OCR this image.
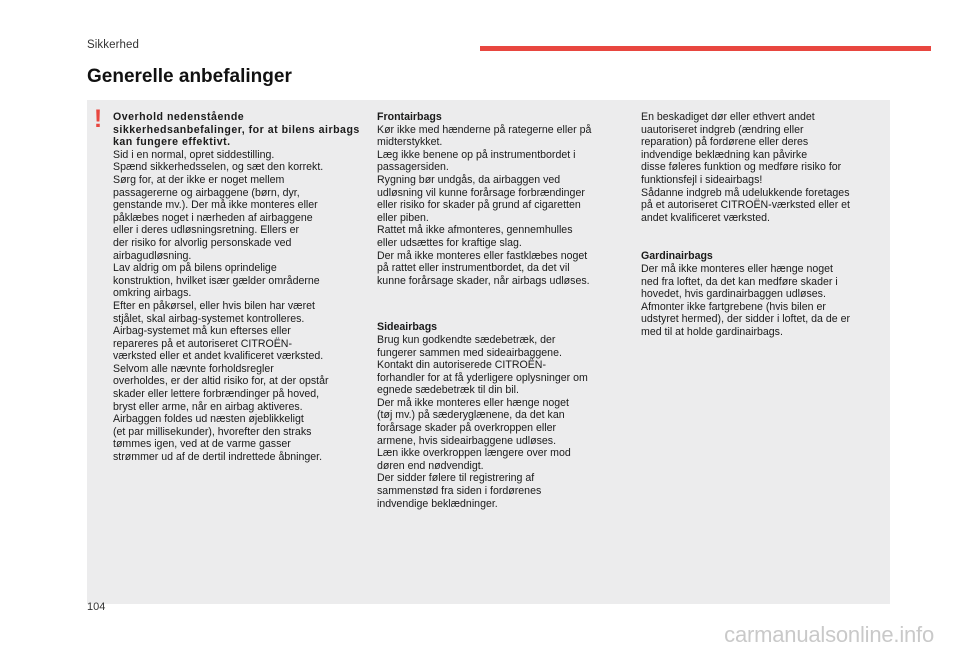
Sikkerhed
Generelle anbefalinger
!	Overhold nedenstående sikkerhedsanbefalinger, for at bilens airbags kan fungere effektivt.

Sid i en normal, opret siddestilling.

Spænd sikkerhedsselen, og sæt den korrekt.

Sørg for, at der ikke er noget mellem

passagererne og airbaggene (børn, dyr,

genstande mv.). Der må ikke monteres eller

påklæbes noget i nærheden af airbaggene

eller i deres udløsningsretning. Ellers er

der risiko for alvorlig personskade ved

airbagudløsning.

Lav aldrig om på bilens oprindelige

konstruktion, hvilket især gælder områderne

omkring airbags.

Efter en påkørsel, eller hvis bilen har været

stjålet, skal airbag-systemet kontrolleres.

Airbag-systemet må kun efterses eller

repareres på et autoriseret CITROËN-

værksted eller et andet kvalificeret værksted.

Selvom alle nævnte forholdsregler

overholdes, er der altid risiko for, at der opstår

skader eller lettere forbrændinger på hoved,

bryst eller arme, når en airbag aktiveres.

Airbaggen foldes ud næsten øjeblikkeligt

(et par millisekunder), hvorefter den straks

tømmes igen, ved at de varme gasser

strømmer ud af de dertil indrettede åbninger.

Frontairbags

Kør ikke med hænderne på rategerne eller på

midterstykket.

Læg ikke benene op på instrumentbordet i

passagersiden.

Rygning bør undgås, da airbaggen ved

udløsning vil kunne forårsage forbrændinger

eller risiko for skader på grund af cigaretten

eller piben.

Rattet må ikke afmonteres, gennemhulles

eller udsættes for kraftige slag.

Der må ikke monteres eller fastklæbes noget

på rattet eller instrumentbordet, da det vil

kunne forårsage skader, når airbags udløses.

Sideairbags

Brug kun godkendte sædebetræk, der

fungerer sammen med sideairbaggene.

Kontakt din autoriserede CITROËN-

forhandler for at få yderligere oplysninger om

egnede sædebetræk til din bil.

Der må ikke monteres eller hænge noget

(tøj mv.) på sæderyglænene, da det kan

forårsage skader på overkroppen eller

armene, hvis sideairbaggene udløses.

Læn ikke overkroppen længere over mod

døren end nødvendigt.

Der sidder følere til registrering af

sammenstød fra siden i fordørenes

indvendige beklædninger.

En beskadiget dør eller ethvert andet

uautoriseret indgreb (ændring eller

reparation) på fordørene eller deres

indvendige beklædning kan påvirke

disse føleres funktion og medføre risiko for

funktionsfejl i sideairbags!

Sådanne indgreb må udelukkende foretages

på et autoriseret CITROËN-værksted eller et

andet kvalificeret værksted.

Gardinairbags

Der må ikke monteres eller hænge noget

ned fra loftet, da det kan medføre skader i

hovedet, hvis gardinairbaggen udløses.

Afmonter ikke fartgrebene (hvis bilen er

udstyret hermed), der sidder i loftet, da de er

med til at holde gardinairbags.

104
carmanualsonline.info
